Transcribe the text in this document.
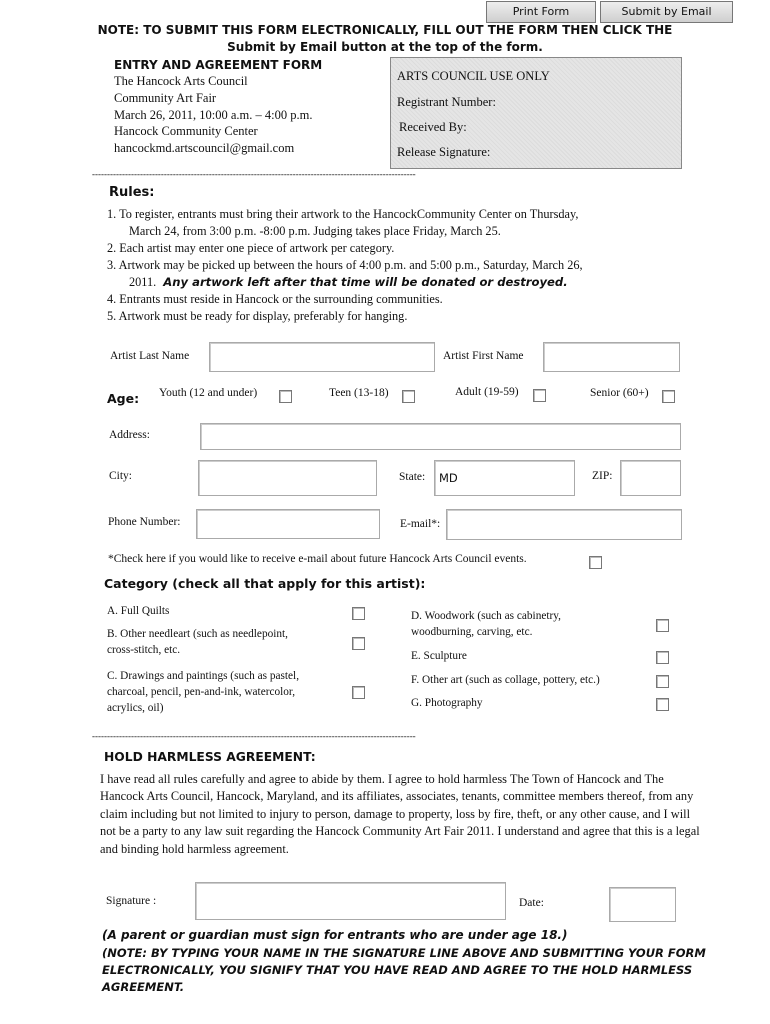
Print Form	Submit by Email
NOTE: TO SUBMIT THIS FORM ELECTRONICALLY, FILL OUT THE FORM THEN CLICK THE
Submit by Email button at the top of the form.
ENTRY AND AGREEMENT FORM
The Hancock Arts Council
Community Art Fair
March 26, 2011, 10:00 a.m. – 4:00 p.m.
Hancock Community Center
hancockmd.artscouncil@gmail.com
ARTS COUNCIL USE ONLY
Registrant Number:
Received By:
Release Signature:
------------------------------------------------------------------------------------------------------------
Rules:
1. To register, entrants must bring their artwork to the HancockCommunity Center on Thursday,
March 24, from 3:00 p.m. -8:00 p.m. Judging takes place Friday, March 25.
2. Each artist may enter one piece of artwork per category.
3. Artwork may be picked up between the hours of 4:00 p.m. and 5:00 p.m., Saturday, March 26,
2011. Any artwork left after that time will be donated or destroyed.
4. Entrants must reside in Hancock or the surrounding communities.
5. Artwork must be ready for display, preferably for hanging.
Artist Last Name	Artist First Name
Age: Youth (12 and under)	Teen (13-18)	Adult (19-59)	Senior (60+)
Address:
City:	State: MD	ZIP:
Phone Number:	E-mail*:
*Check here if you would like to receive e-mail about future Hancock Arts Council events.
Category (check all that apply for this artist):
A. Full Quilts
B. Other needleart (such as needlepoint,
cross-stitch, etc.
C. Drawings and paintings (such as pastel,
charcoal, pencil, pen-and-ink, watercolor,
acrylics, oil)
D. Woodwork (such as cabinetry,
woodburning, carving, etc.
E. Sculpture
F. Other art (such as collage, pottery, etc.)
G. Photography
------------------------------------------------------------------------------------------------------------
HOLD HARMLESS AGREEMENT:
I have read all rules carefully and agree to abide by them. I agree to hold harmless The Town of Hancock and The Hancock Arts Council, Hancock, Maryland, and its affiliates, associates, tenants, committee members thereof, from any claim including but not limited to injury to person, damage to property, loss by fire, theft, or any other cause, and I will not be a party to any law suit regarding the Hancock Community Art Fair 2011. I understand and agree that this is a legal and binding hold harmless agreement.
Signature :	Date:
(A parent or guardian must sign for entrants who are under age 18.)
(NOTE: BY TYPING YOUR NAME IN THE SIGNATURE LINE ABOVE AND SUBMITTING YOUR FORM
ELECTRONICALLY, YOU SIGNIFY THAT YOU HAVE READ AND AGREE TO THE HOLD HARMLESS
AGREEMENT.
